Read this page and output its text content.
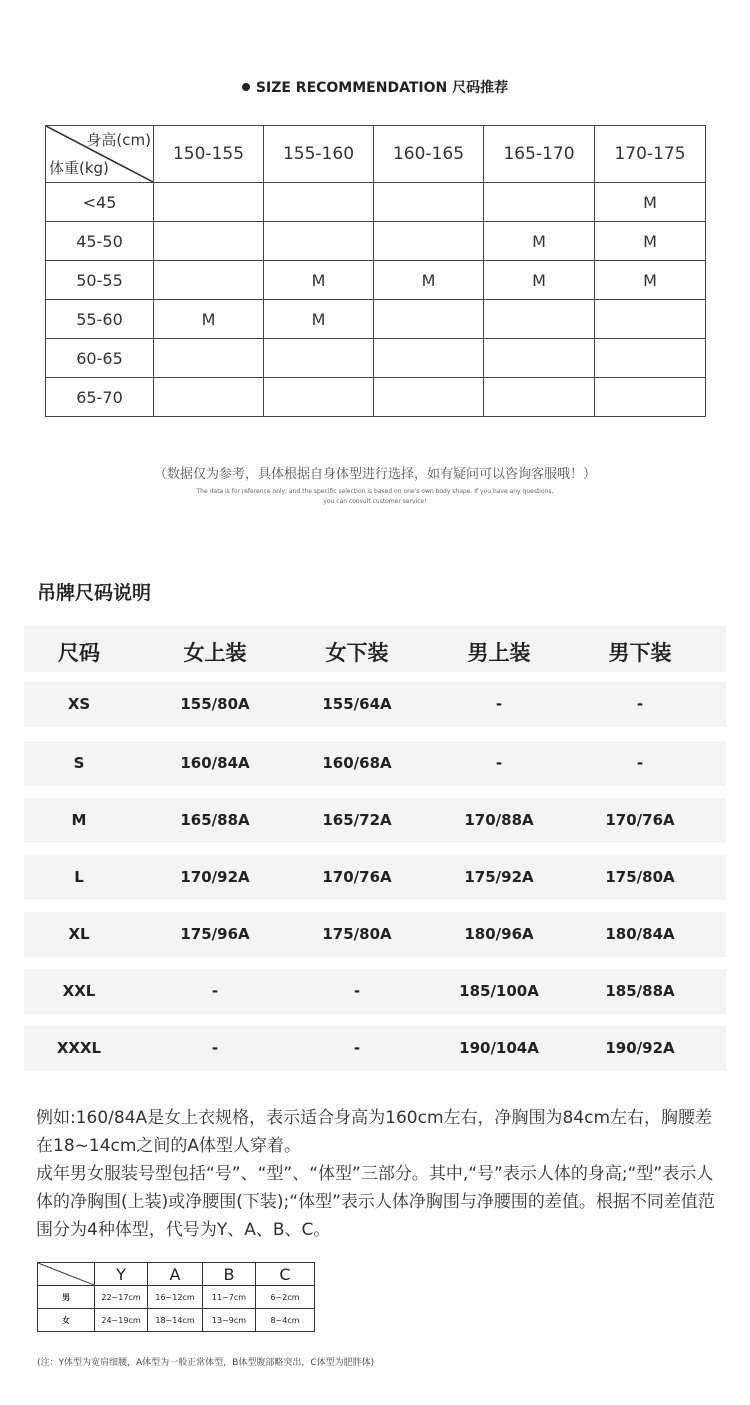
SIZE RECOMMENDATION 尺码推荐
身高(cm)
体重(kg)	150-155	155-160	160-165	165-170	170-175
<45					M
45-50				M	M
50-55		M	M	M	M
55-60	M	M			
60-65					
65-70					
（数据仅为参考，具体根据自身体型进行选择，如有疑问可以咨询客服哦！）
The data is for reference only, and the specific selection is based on one's own body shape. If you have any questions,
you can consult customer service!
吊牌尺码说明
尺码	女上装	女下装	男上装	男下装
XS	155/80A	155/64A	-	-
S	160/84A	160/68A	-	-
M	165/88A	165/72A	170/88A	170/76A
L	170/92A	170/76A	175/92A	175/80A
XL	175/96A	175/80A	180/96A	180/84A
XXL	-	-	185/100A	185/88A
XXXL	-	-	190/104A	190/92A

例如:160/84A是女上衣规格，表示适合身高为160cm左右，净胸围为84cm左右，胸腰差在18~14cm之间的A体型人穿着。
成年男女服装号型包括“号”、“型”、“体型”三部分。其中,“号”表示人体的身高;“型”表示人体的净胸围(上装)或净腰围(下装);“体型”表示人体净胸围与净腰围的差值。根据不同差值范围分为4种体型，代号为Y、A、B、C。

	Y	A	B	C
男	22~17cm	16~12cm	11~7cm	6~2cm
女	24~19cm	18~14cm	13~9cm	8~4cm
(注：Y体型为宽肩细腰，A体型为一般正常体型，B体型腹部略突出，C体型为肥胖体)
